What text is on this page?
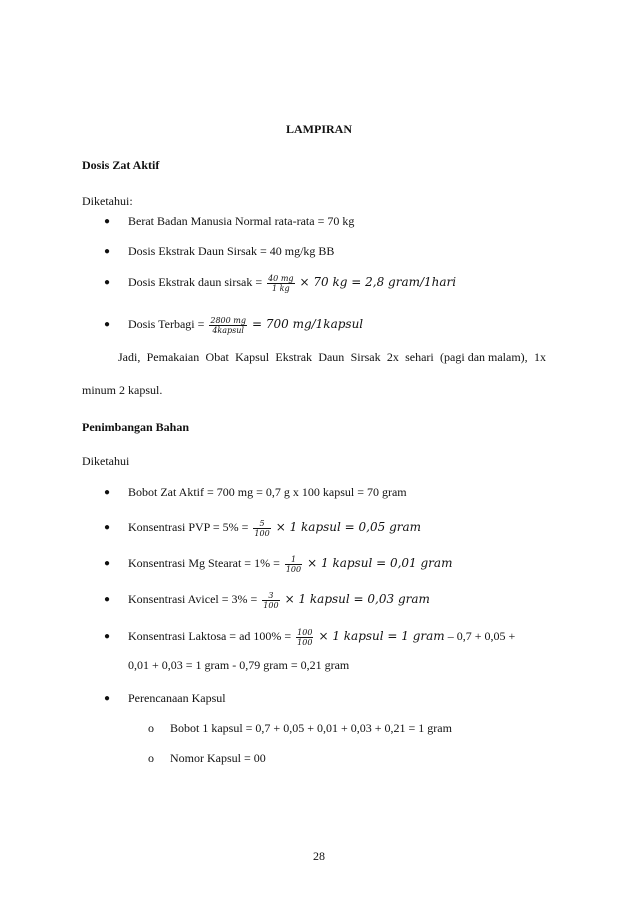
LAMPIRAN
Dosis Zat Aktif
Diketahui:
● Berat Badan Manusia Normal rata-rata = 70 kg
● Dosis Ekstrak Daun Sirsak = 40 mg/kg BB
● Dosis Ekstrak daun sirsak = $\frac{40 mg}{1 kg} \times 70$ kg = 2,8 gram/1hari
● Dosis Terbagi = $\frac{2800 mg}{\text{4kapsul}} = 700$ mg/1kapsul
Jadi, Pemakaian Obat Kapsul Ekstrak Daun Sirsak 2x sehari (pagi dan malam), 1x
minum 2 kapsul.
Penimbangan Bahan
Diketahui
● Bobot Zat Aktif = 700 mg = 0,7 g x 100 kapsul = 70 gram
● Konsentrasi PVP = $5\% = \frac{5}{100} \times 1$ kapsul = 0,05 gram
● Konsentrasi Mg Stearat = $1\% = \frac{1}{100} \times 1$ kapsul = 0,01 gram
● Konsentrasi Avicel = $3\% = \frac{3}{100} \times 1$ kapsul = 0,03 gram
● Konsentrasi Laktosa = ad $100\% = \frac{100}{100} \times 1$ kapsul = 1 gram – 0,7 + 0,05 +
0,01 + 0,03 = 1 gram - 0,79 gram = 0,21 gram
● Perencanaan Kapsul
o Bobot 1 kapsul = 0,7 + 0,05 + 0,01 + 0,03 + 0,21 = 1 gram
o Nomor Kapsul = 00
28
